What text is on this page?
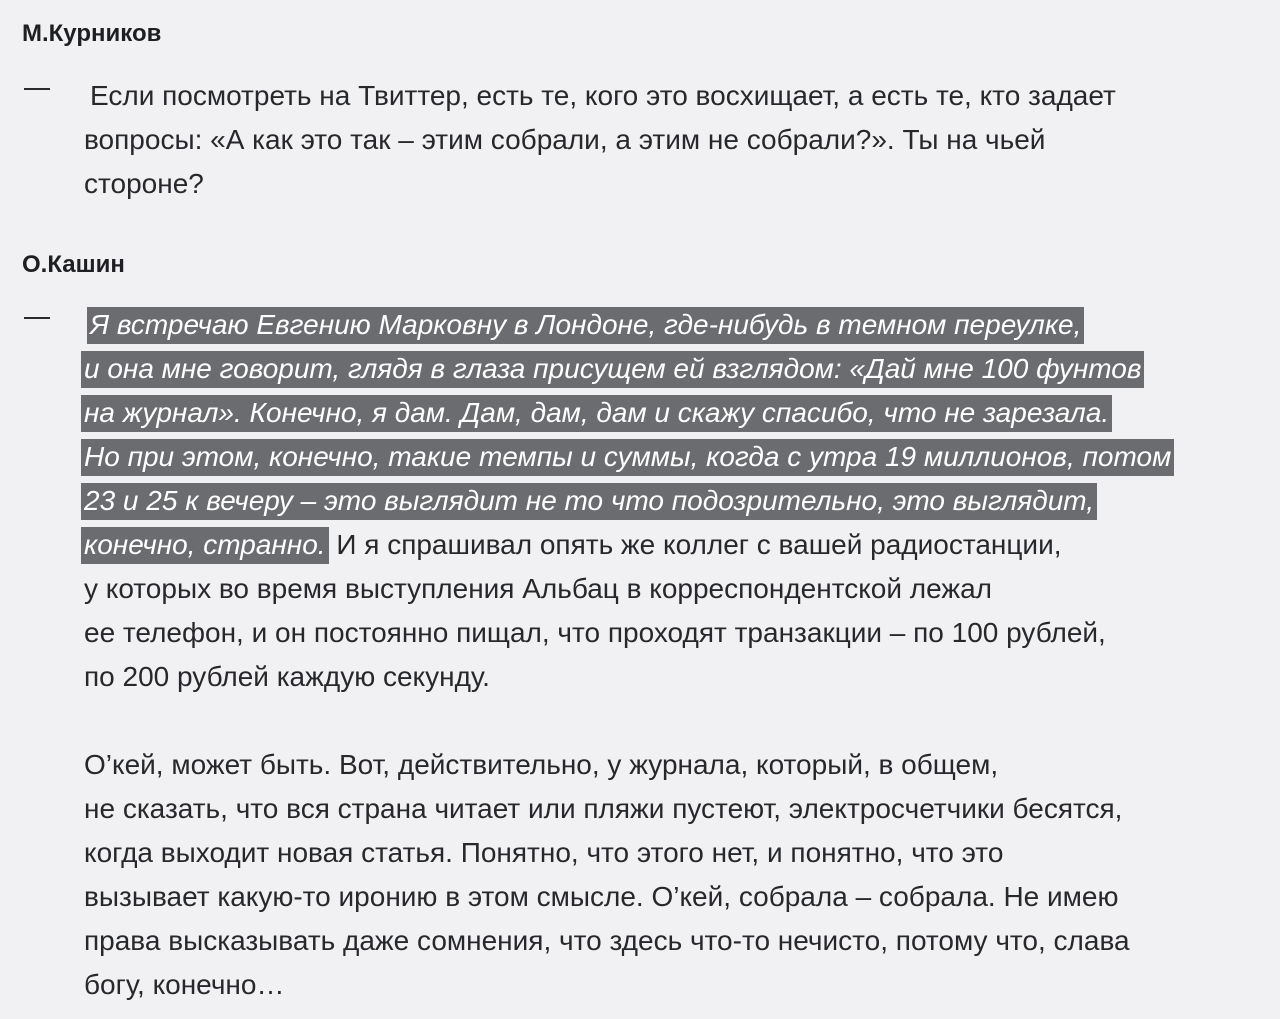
М.Курников
Если посмотреть на Твиттер, есть те, кого это восхищает, а есть те, кто задает
вопросы: «А как это так – этим собрали, а этим не собрали?». Ты на чьей
стороне?
О.Кашин
Я встречаю Евгению Марковну в Лондоне, где-нибудь в темном переулке,
и она мне говорит, глядя в глаза присущем ей взглядом: «Дай мне 100 фунтов
на журнал». Конечно, я дам. Дам, дам, дам и скажу спасибо, что не зарезала.
Но при этом, конечно, такие темпы и суммы, когда с утра 19 миллионов, потом
23 и 25 к вечеру – это выглядит не то что подозрительно, это выглядит,
конечно, странно. И я спрашивал опять же коллег с вашей радиостанции,
у которых во время выступления Альбац в корреспондентской лежал
ее телефон, и он постоянно пищал, что проходят транзакции – по 100 рублей,
по 200 рублей каждую секунду.
О’кей, может быть. Вот, действительно, у журнала, который, в общем,
не сказать, что вся страна читает или пляжи пустеют, электросчетчики бесятся,
когда выходит новая статья. Понятно, что этого нет, и понятно, что это
вызывает какую-то иронию в этом смысле. О’кей, собрала – собрала. Не имею
права высказывать даже сомнения, что здесь что-то нечисто, потому что, слава
богу, конечно…
